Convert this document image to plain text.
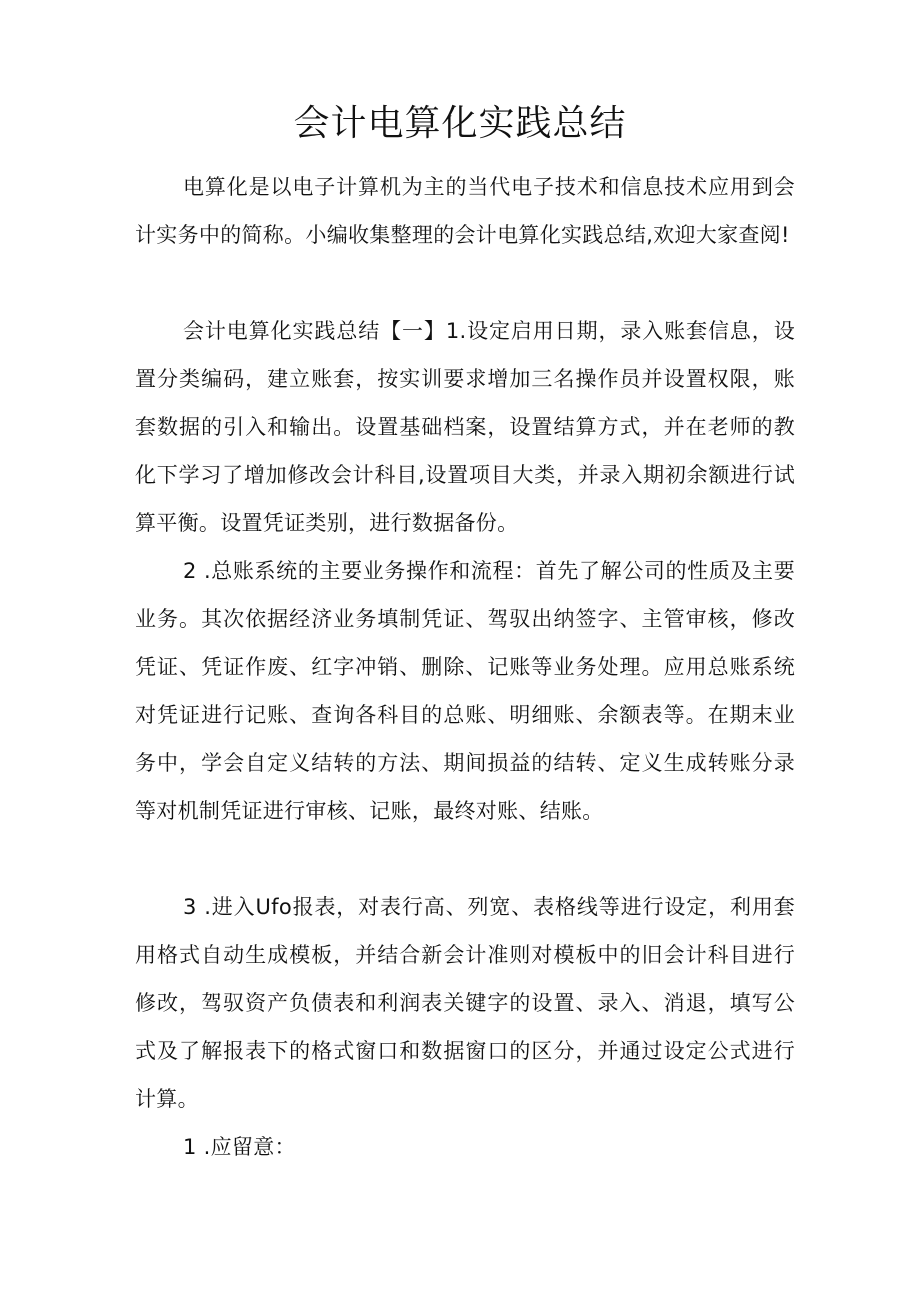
会计电算化实践总结

电算化是以电子计算机为主的当代电子技术和信息技术应用到会计实务中的简称。小编收集整理的会计电算化实践总结,欢迎大家查阅!

会计电算化实践总结【一】1.设定启用日期，录入账套信息，设置分类编码，建立账套，按实训要求增加三名操作员并设置权限，账套数据的引入和输出。设置基础档案，设置结算方式，并在老师的教化下学习了增加修改会计科目,设置项目大类，并录入期初余额进行试算平衡。设置凭证类别，进行数据备份。

2 .总账系统的主要业务操作和流程：首先了解公司的性质及主要业务。其次依据经济业务填制凭证、驾驭出纳签字、主管审核，修改凭证、凭证作废、红字冲销、删除、记账等业务处理。应用总账系统对凭证进行记账、查询各科目的总账、明细账、余额表等。在期末业务中，学会自定义结转的方法、期间损益的结转、定义生成转账分录等对机制凭证进行审核、记账，最终对账、结账。

3 .进入Ufo报表，对表行高、列宽、表格线等进行设定，利用套用格式自动生成模板，并结合新会计准则对模板中的旧会计科目进行修改，驾驭资产负债表和利润表关键字的设置、录入、消退，填写公式及了解报表下的格式窗口和数据窗口的区分，并通过设定公式进行计算。

1 .应留意：
